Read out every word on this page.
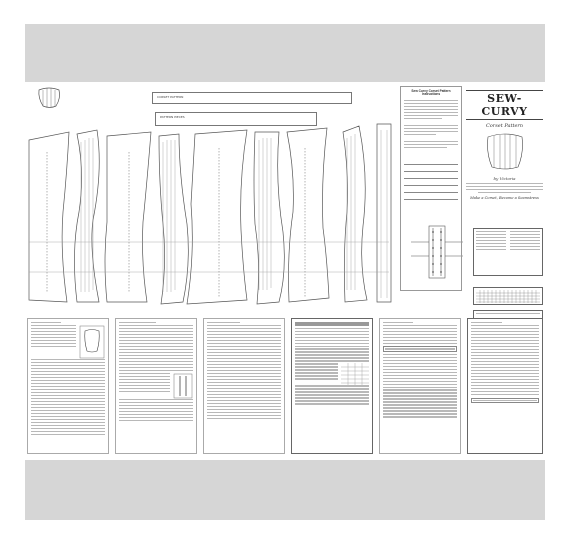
CORSET PATTERN
PATTERN PIECES
Sew Curvy Corset Pattern Instructions	SEW-CURVY
Corset Pattern
by Victoria
Make a Corset, Become a Seamstress
